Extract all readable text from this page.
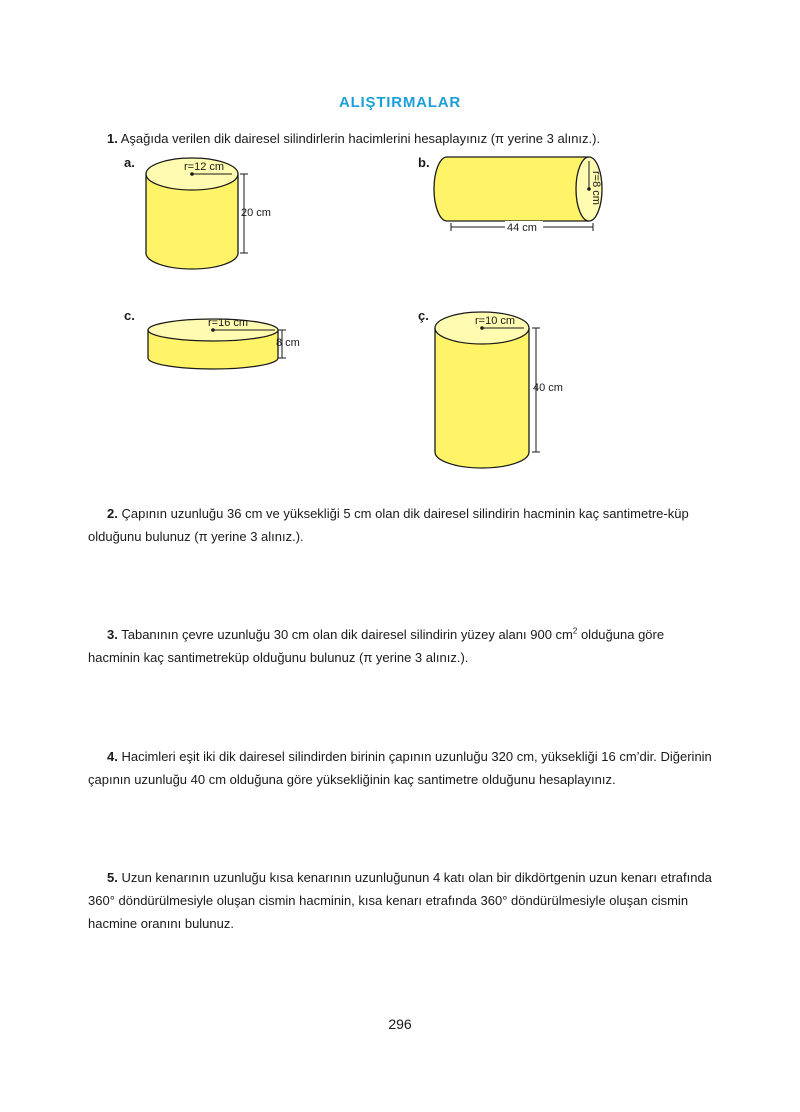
ALIŞTIRMALAR
1. Aşağıda verilen dik dairesel silindirlerin hacimlerini hesaplayınız (π yerine 3 alınız.).
a.	r=12 cm
20 cm
b.
r=8 cm
44 cm
c.	r=16 cm
8 cm
ç.	r=10 cm
40 cm
2. Çapının uzunluğu 36 cm ve yüksekliği 5 cm olan dik dairesel silindirin hacminin kaç santimetre-küp olduğunu bulunuz (π yerine 3 alınız.).
3. Tabanının çevre uzunluğu 30 cm olan dik dairesel silindirin yüzey alanı 900 $cm^2$ olduğuna göre hacminin kaç santimetreküp olduğunu bulunuz (π yerine 3 alınız.).
4. Hacimleri eşit iki dik dairesel silindirden birinin çapının uzunluğu 320 cm, yüksekliği 16 cm’dir. Diğerinin çapının uzunluğu 40 cm olduğuna göre yüksekliğinin kaç santimetre olduğunu hesaplayınız.
5. Uzun kenarının uzunluğu kısa kenarının uzunluğunun 4 katı olan bir dikdörtgenin uzun kenarı etrafında 360° döndürülmesiyle oluşan cismin hacminin, kısa kenarı etrafında 360° döndürülmesiyle oluşan cismin hacmine oranını bulunuz.
296
